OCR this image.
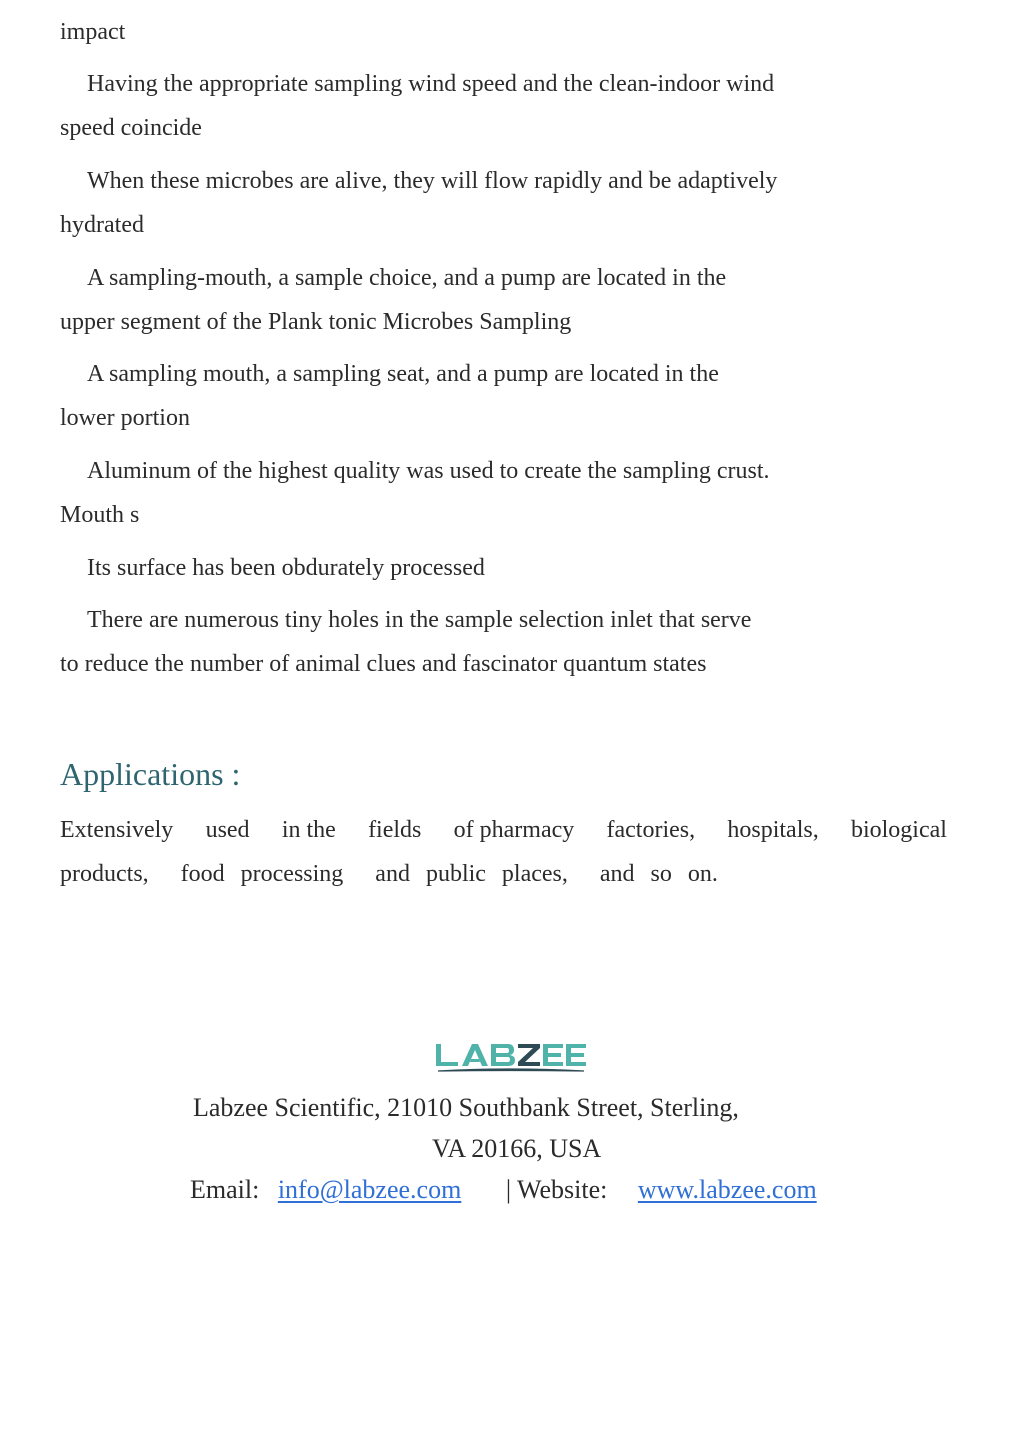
impact
Having the appropriate sampling wind speed and the clean-indoor wind
speed coincide
When these microbes are alive, they will flow rapidly and be adaptively
hydrated
A sampling-mouth, a sample choice, and a pump are located in the
upper segment of the Plank tonic Microbes Sampling
A sampling mouth, a sampling seat, and a pump are located in the
lower portion
Aluminum of the highest quality was used to create the sampling crust.
Mouth s
Its surface has been obdurately processed
There are numerous tiny holes in the sample selection inlet that serve
to reduce the number of animal clues and fascinator quantum states
Applications :
Extensively used in the fields of pharmacy factories, hospitals, biological
products,  food processing  and public places,  and so on.
Labzee Scientific, 21010 Southbank Street, Sterling,
VA 20166, USA
Email: info@labzee.com | Website: www.labzee.com
